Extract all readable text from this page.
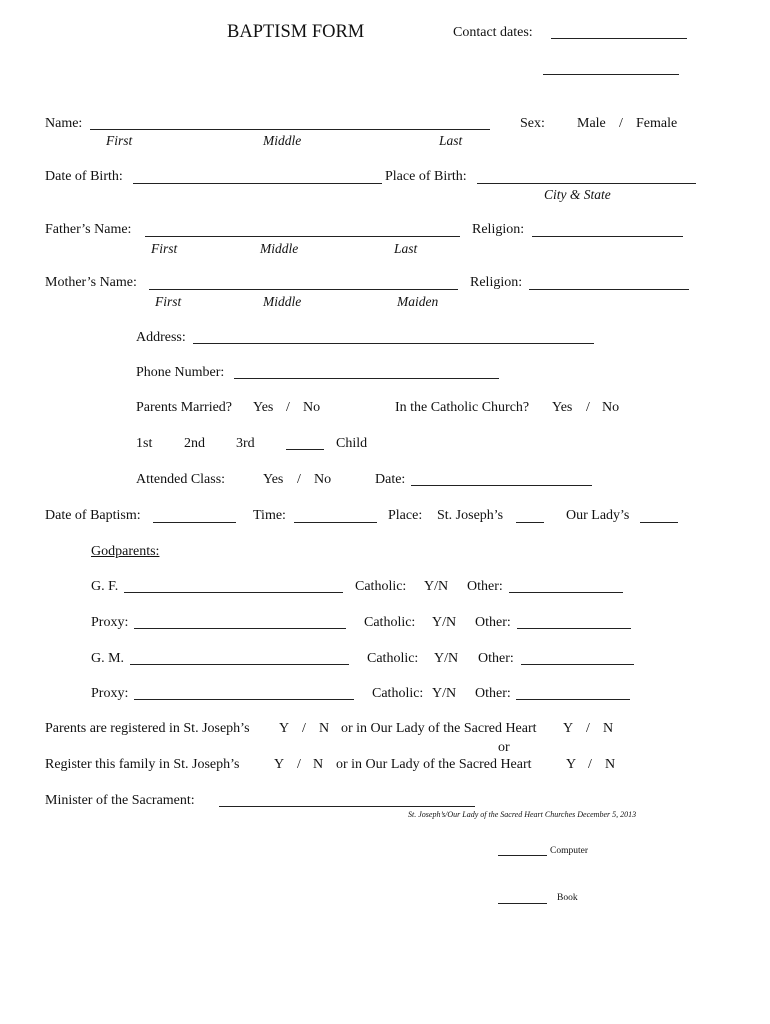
BAPTISM FORM	Contact dates:
Name:	Sex: Male / Female
First	Middle	Last
Date of Birth:	Place of Birth:
City & State
Father’s Name:	Religion:
First	Middle	Last
Mother’s Name:	Religion:
First	Middle	Maiden
Address:
Phone Number:
Parents Married? Yes / No	In the Catholic Church? Yes / No
1st 2nd 3rd	Child
Attended Class:	Yes / No	Date:
Date of Baptism:	Time:	Place: St. Joseph’s	Our Lady’s
Godparents:
G. F.	Catholic: Y/N Other:
Proxy:	Catholic: Y/N Other:
G. M.	Catholic: Y/N Other:
Proxy:	Catholic: Y/N Other:
Parents are registered in St. Joseph’s Y / N or in Our Lady of the Sacred Heart Y / N
or
Register this family in St. Joseph’s Y / N or in Our Lady of the Sacred Heart Y / N
Minister of the Sacrament:
St. Joseph’s/Our Lady of the Sacred Heart Churches December 5, 2013
Computer
Book
